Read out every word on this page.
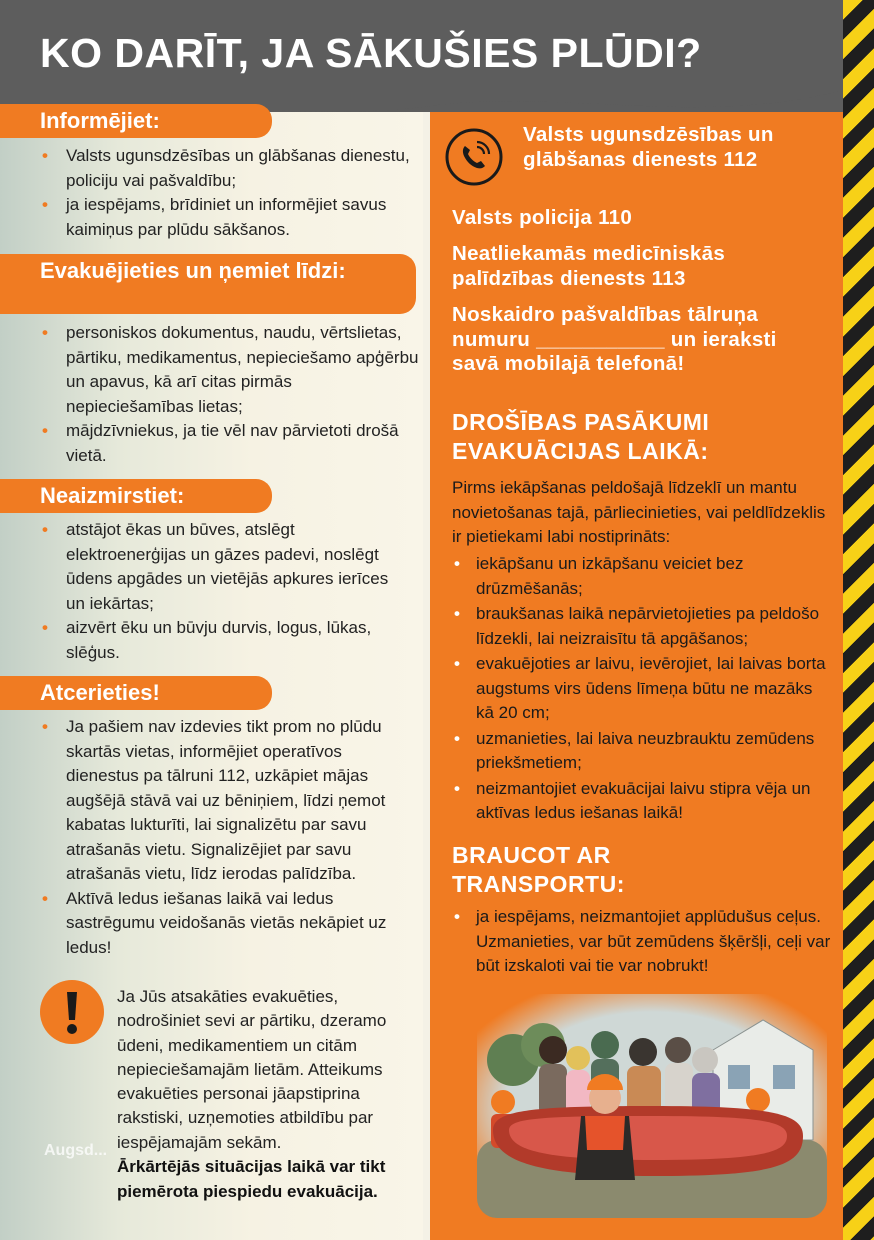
KO DARĪT, JA SĀKUŠIES PLŪDI?
Informējiet:
• Valsts ugunsdzēsības un glābšanas dienestu, policiju vai pašvaldību;
• ja iespējams, brīdiniet un informējiet savus kaimiņus par plūdu sākšanos.
Evakuējieties un ņemiet līdzi:
• personiskos dokumentus, naudu, vērtslietas, pārtiku, medikamentus, nepieciešamo apģērbu un apavus, kā arī citas pirmās nepieciešamības lietas;
• mājdzīvniekus, ja tie vēl nav pārvietoti drošā vietā.
Neaizmirstiet:
• atstājot ēkas un būves, atslēgt elektroenerģijas un gāzes padevi, noslēgt ūdens apgādes un vietējās apkures ierīces un iekārtas;
• aizvērt ēku un būvju durvis, logus, lūkas, slēģus.
Atcerieties!
• Ja pašiem nav izdevies tikt prom no plūdu skartās vietas, informējiet operatīvos dienestus pa tālruni 112, uzkāpiet mājas augšējā stāvā vai uz bēniņiem, līdzi ņemot kabatas lukturīti, lai signalizētu par savu atrašanās vietu. Signalizējiet par savu atrašanās vietu, līdz ierodas palīdzība.
• Aktīvā ledus iešanas laikā vai ledus sastrēgumu veidošanās vietās nekāpiet uz ledus!

Ja Jūs atsakāties evakuēties, nodrošiniet sevi ar pārtiku, dzeramo ūdeni, medikamentiem un citām nepieciešamajām lietām. Atteikums evakuēties personai jāapstiprina rakstiski, uzņemoties atbildību par iespējamajām sekām.

Ārkārtējās situācijas laikā var tikt piemērota piespiedu evakuācija.

Augsd...

Valsts ugunsdzēsības un glābšanas dienests 112

Valsts policija 110

Neatliekamās medicīniskās palīdzības dienests 113

Noskaidro pašvaldības tālruņa numuru ___________ un ieraksti savā mobilajā telefonā!

DROŠĪBAS PASĀKUMI EVAKUĀCIJAS LAIKĀ:

Pirms iekāpšanas peldošajā līdzeklī un mantu novietošanas tajā, pārliecinieties, vai peldlīdzeklis ir pietiekami labi nostiprināts:

• iekāpšanu un izkāpšanu veiciet bez drūzmēšanās;
• braukšanas laikā nepārvietojieties pa peldošo līdzekli, lai neizraisītu tā apgāšanos;
• evakuējoties ar laivu, ievērojiet, lai laivas borta augstums virs ūdens līmeņa būtu ne mazāks kā 20 cm;
• uzmanieties, lai laiva neuzbrauktu zemūdens priekšmetiem;
• neizmantojiet evakuācijai laivu stipra vēja un aktīvas ledus iešanas laikā!

BRAUCOT AR TRANSPORTU:

• ja iespējams, neizmantojiet applūdušus ceļus. Uzmanieties, var būt zemūdens šķēršļi, ceļi var būt izskaloti vai tie var nobrukt!
